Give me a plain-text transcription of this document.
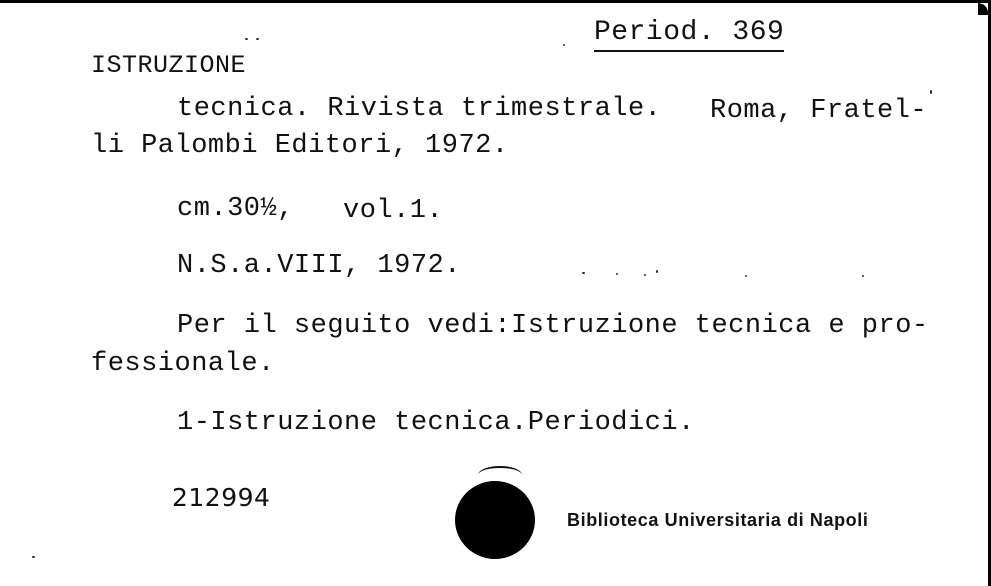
Period. 369
ISTRUZIONE
tecnica. Rivista trimestrale. Roma, Fratel-
li Palombi Editori, 1972.
cm.30½, vol.1.
N.S.a.VIII, 1972.
Per il seguito vedi:Istruzione tecnica e pro-
fessionale.
1-Istruzione tecnica.Periodici.
212994
Biblioteca Universitaria di Napoli
